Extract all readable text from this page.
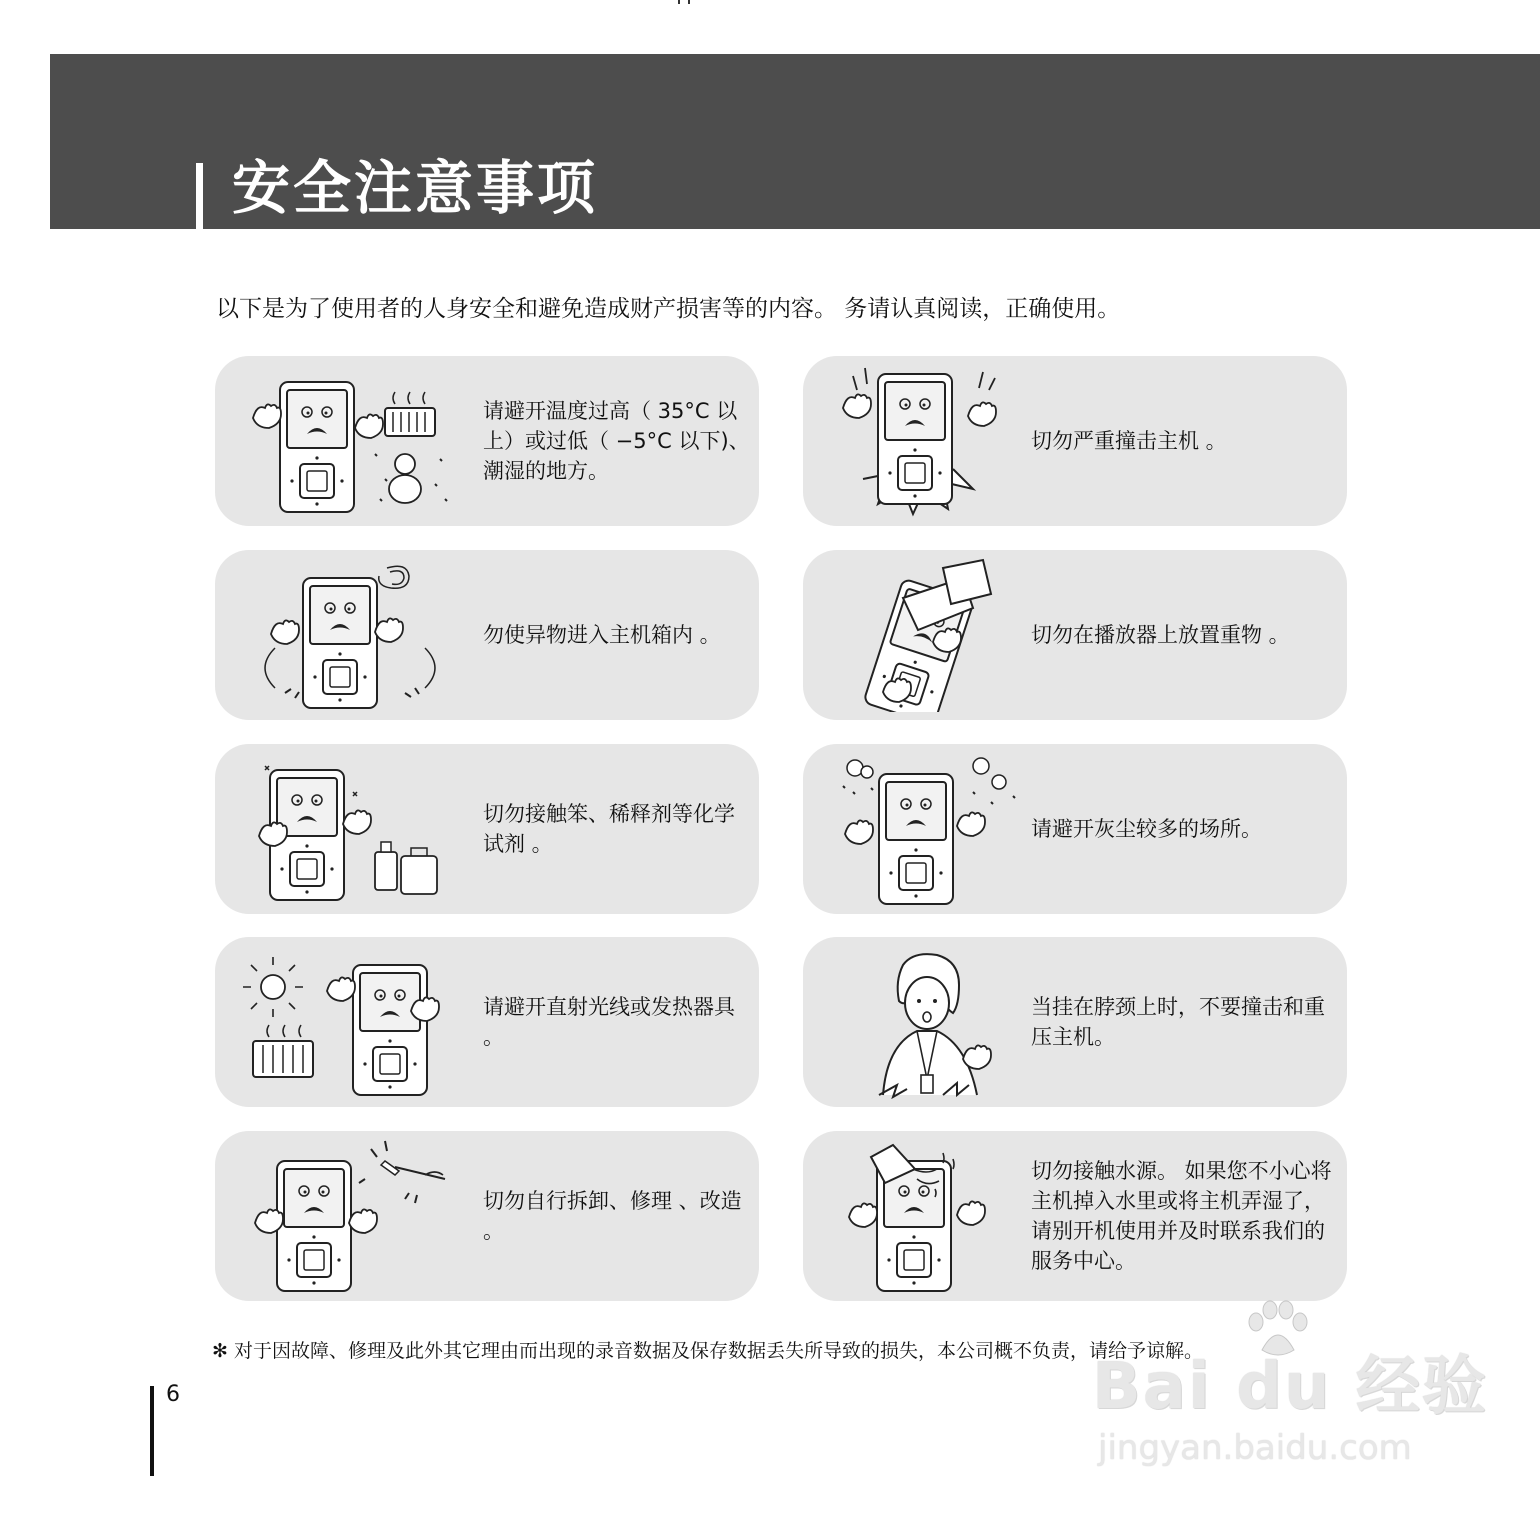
安全注意事项

以下是为了使用者的人身安全和避免造成财产损害等的内容。 务请认真阅读，正确使用。

请避开温度过高（ 35°C 以上）或过低（ −5°C 以下)、潮湿的地方。

切勿严重撞击主机 。

勿使异物进入主机箱内 。	切勿在播放器上放置重物 。

切勿接触笨、稀释剂等化学试剂 。

请避开灰尘较多的场所。

请避开直射光线或发热器具 。

当挂在脖颈上时，不要撞击和重压主机。

切勿自行拆卸、修理 、改造 。

切勿接触水源。 如果您不小心将主机掉入水里或将主机弄湿了，请别开机使用并及时联系我们的服务中心。

✻ 对于因故障、修理及此外其它理由而出现的录音数据及保存数据丢失所导致的损失，本公司概不负责，请给予谅解。

6	Bai du 经验
jingyan.baidu.com
